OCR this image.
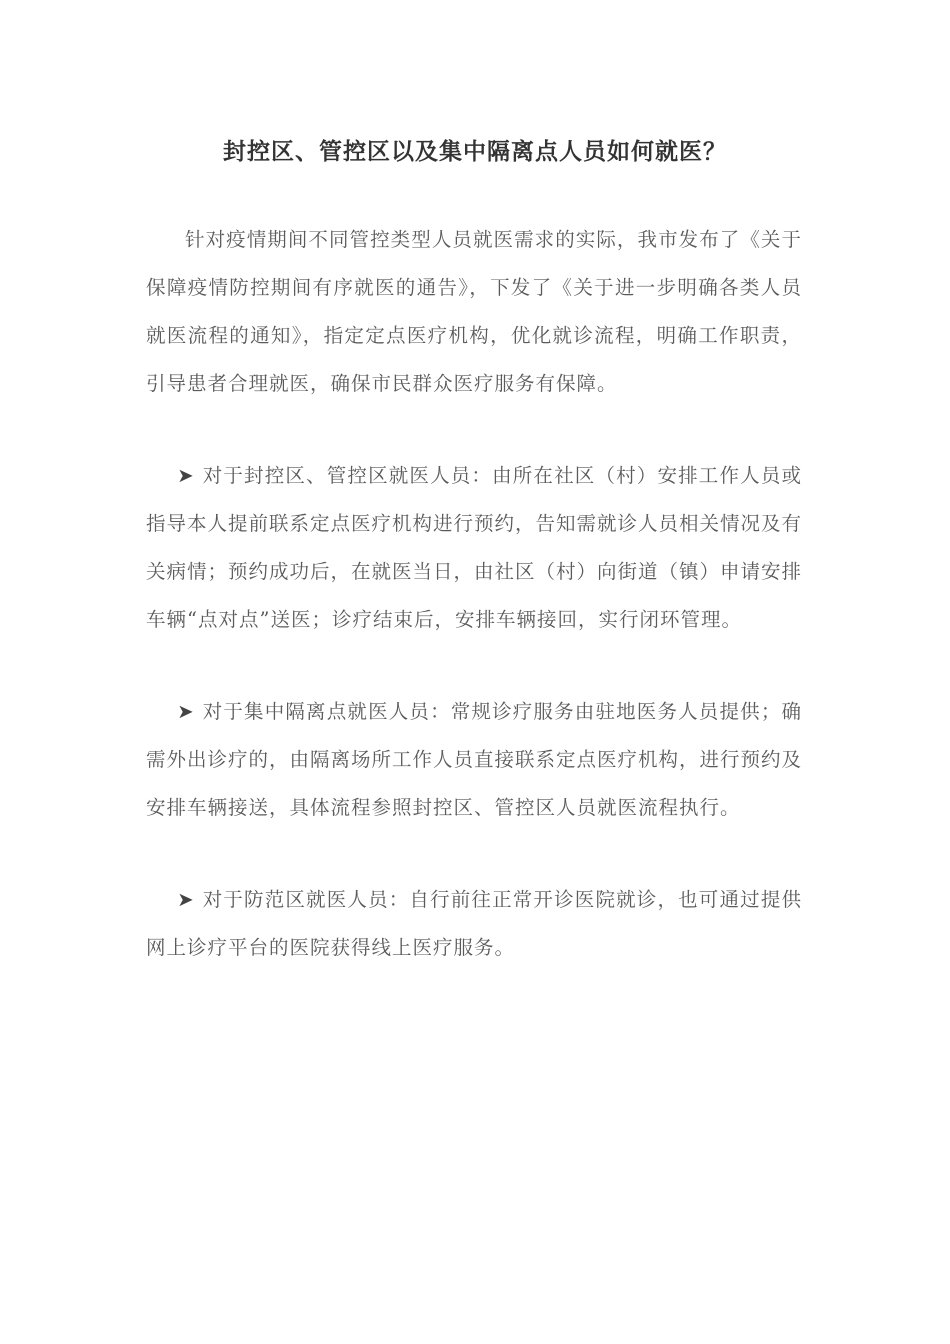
封控区、管控区以及集中隔离点人员如何就医？

针对疫情期间不同管控类型人员就医需求的实际，我市发布了《关于保障疫情防控期间有序就医的通告》，下发了《关于进一步明确各类人员就医流程的通知》，指定定点医疗机构，优化就诊流程，明确工作职责，引导患者合理就医，确保市民群众医疗服务有保障。

➤ 对于封控区、管控区就医人员：由所在社区（村）安排工作人员或指导本人提前联系定点医疗机构进行预约，告知需就诊人员相关情况及有关病情；预约成功后，在就医当日，由社区（村）向街道（镇）申请安排车辆“点对点”送医；诊疗结束后，安排车辆接回，实行闭环管理。

➤ 对于集中隔离点就医人员：常规诊疗服务由驻地医务人员提供；确需外出诊疗的，由隔离场所工作人员直接联系定点医疗机构，进行预约及安排车辆接送，具体流程参照封控区、管控区人员就医流程执行。

➤ 对于防范区就医人员：自行前往正常开诊医院就诊，也可通过提供网上诊疗平台的医院获得线上医疗服务。
